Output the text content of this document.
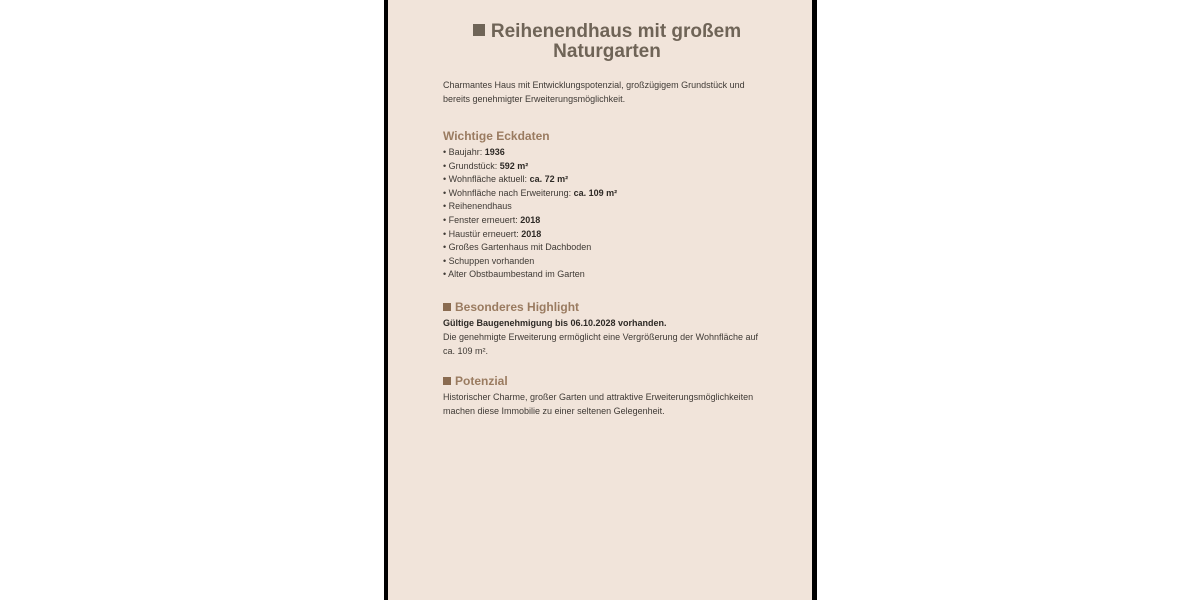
Reihenendhaus mit großem Naturgarten

Charmantes Haus mit Entwicklungspotenzial, großzügigem Grundstück und bereits genehmigter Erweiterungsmöglichkeit.

Wichtige Eckdaten
• Baujahr: 1936
• Grundstück: 592 m²
• Wohnfläche aktuell: ca. 72 m²
• Wohnfläche nach Erweiterung: ca. 109 m²
• Reihenendhaus
• Fenster erneuert: 2018
• Haustür erneuert: 2018
• Großes Gartenhaus mit Dachboden
• Schuppen vorhanden
• Alter Obstbaumbestand im Garten
Besonderes Highlight

Gültige Baugenehmigung bis 06.10.2028 vorhanden.
Die genehmigte Erweiterung ermöglicht eine Vergrößerung der Wohnfläche auf ca. 109 m².

Potenzial

Historischer Charme, großer Garten und attraktive Erweiterungsmöglichkeiten machen diese Immobilie zu einer seltenen Gelegenheit.
